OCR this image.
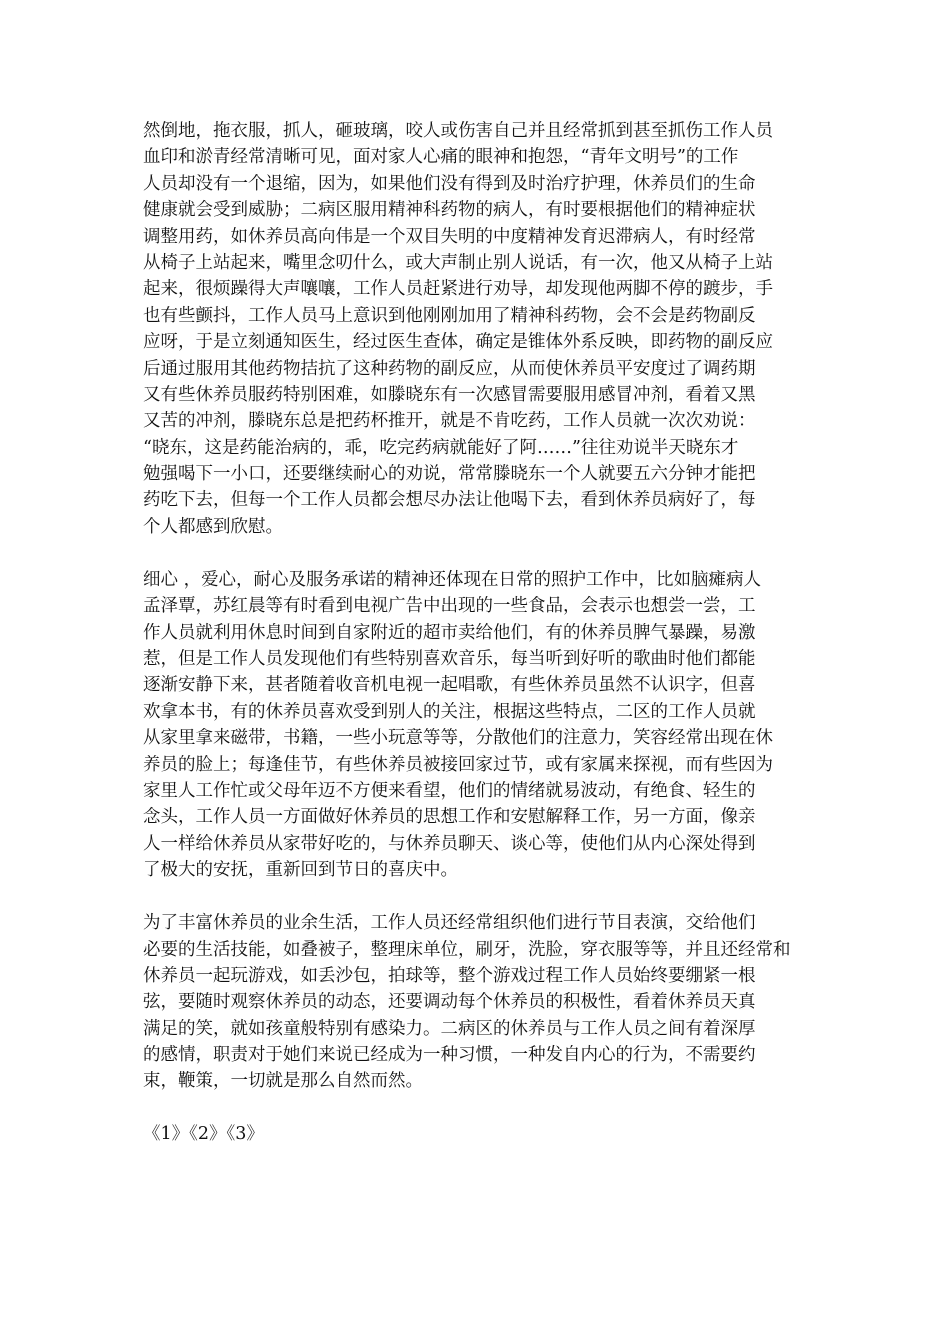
然倒地，拖衣服，抓人，砸玻璃，咬人或伤害自己并且经常抓到甚至抓伤工作人员
血印和淤青经常清晰可见，面对家人心痛的眼神和抱怨，“青年文明号”的工作
人员却没有一个退缩，因为，如果他们没有得到及时治疗护理，休养员们的生命
健康就会受到威胁；二病区服用精神科药物的病人，有时要根据他们的精神症状
调整用药，如休养员高向伟是一个双目失明的中度精神发育迟滞病人，有时经常
从椅子上站起来，嘴里念叨什么，或大声制止别人说话，有一次，他又从椅子上站
起来，很烦躁得大声嚷嚷，工作人员赶紧进行劝导，却发现他两脚不停的踱步，手
也有些颤抖，工作人员马上意识到他刚刚加用了精神科药物，会不会是药物副反
应呀，于是立刻通知医生，经过医生查体，确定是锥体外系反映，即药物的副反应
后通过服用其他药物拮抗了这种药物的副反应，从而使休养员平安度过了调药期
又有些休养员服药特别困难，如滕晓东有一次感冒需要服用感冒冲剂，看着又黑
又苦的冲剂，滕晓东总是把药杯推开，就是不肯吃药，工作人员就一次次劝说：
“晓东，这是药能治病的，乖，吃完药病就能好了阿……”往往劝说半天晓东才
勉强喝下一小口，还要继续耐心的劝说，常常滕晓东一个人就要五六分钟才能把
药吃下去，但每一个工作人员都会想尽办法让他喝下去，看到休养员病好了，每
个人都感到欣慰。
细心 ，爱心，耐心及服务承诺的精神还体现在日常的照护工作中，比如脑瘫病人
孟泽覃，苏红晨等有时看到电视广告中出现的一些食品，会表示也想尝一尝，工
作人员就利用休息时间到自家附近的超市卖给他们，有的休养员脾气暴躁，易激
惹，但是工作人员发现他们有些特别喜欢音乐，每当听到好听的歌曲时他们都能
逐渐安静下来，甚者随着收音机电视一起唱歌，有些休养员虽然不认识字，但喜
欢拿本书，有的休养员喜欢受到别人的关注，根据这些特点，二区的工作人员就
从家里拿来磁带，书籍，一些小玩意等等，分散他们的注意力，笑容经常出现在休
养员的脸上；每逢佳节，有些休养员被接回家过节，或有家属来探视，而有些因为
家里人工作忙或父母年迈不方便来看望，他们的情绪就易波动，有绝食、轻生的
念头，工作人员一方面做好休养员的思想工作和安慰解释工作，另一方面，像亲
人一样给休养员从家带好吃的，与休养员聊天、谈心等，使他们从内心深处得到
了极大的安抚，重新回到节日的喜庆中。
为了丰富休养员的业余生活，工作人员还经常组织他们进行节目表演，交给他们
必要的生活技能，如叠被子，整理床单位，刷牙，洗脸，穿衣服等等，并且还经常和
休养员一起玩游戏，如丢沙包，拍球等，整个游戏过程工作人员始终要绷紧一根
弦，要随时观察休养员的动态，还要调动每个休养员的积极性，看着休养员天真
满足的笑，就如孩童般特别有感染力。二病区的休养员与工作人员之间有着深厚
的感情，职责对于她们来说已经成为一种习惯，一种发自内心的行为，不需要约
束，鞭策，一切就是那么自然而然。
《1》《2》《3》
